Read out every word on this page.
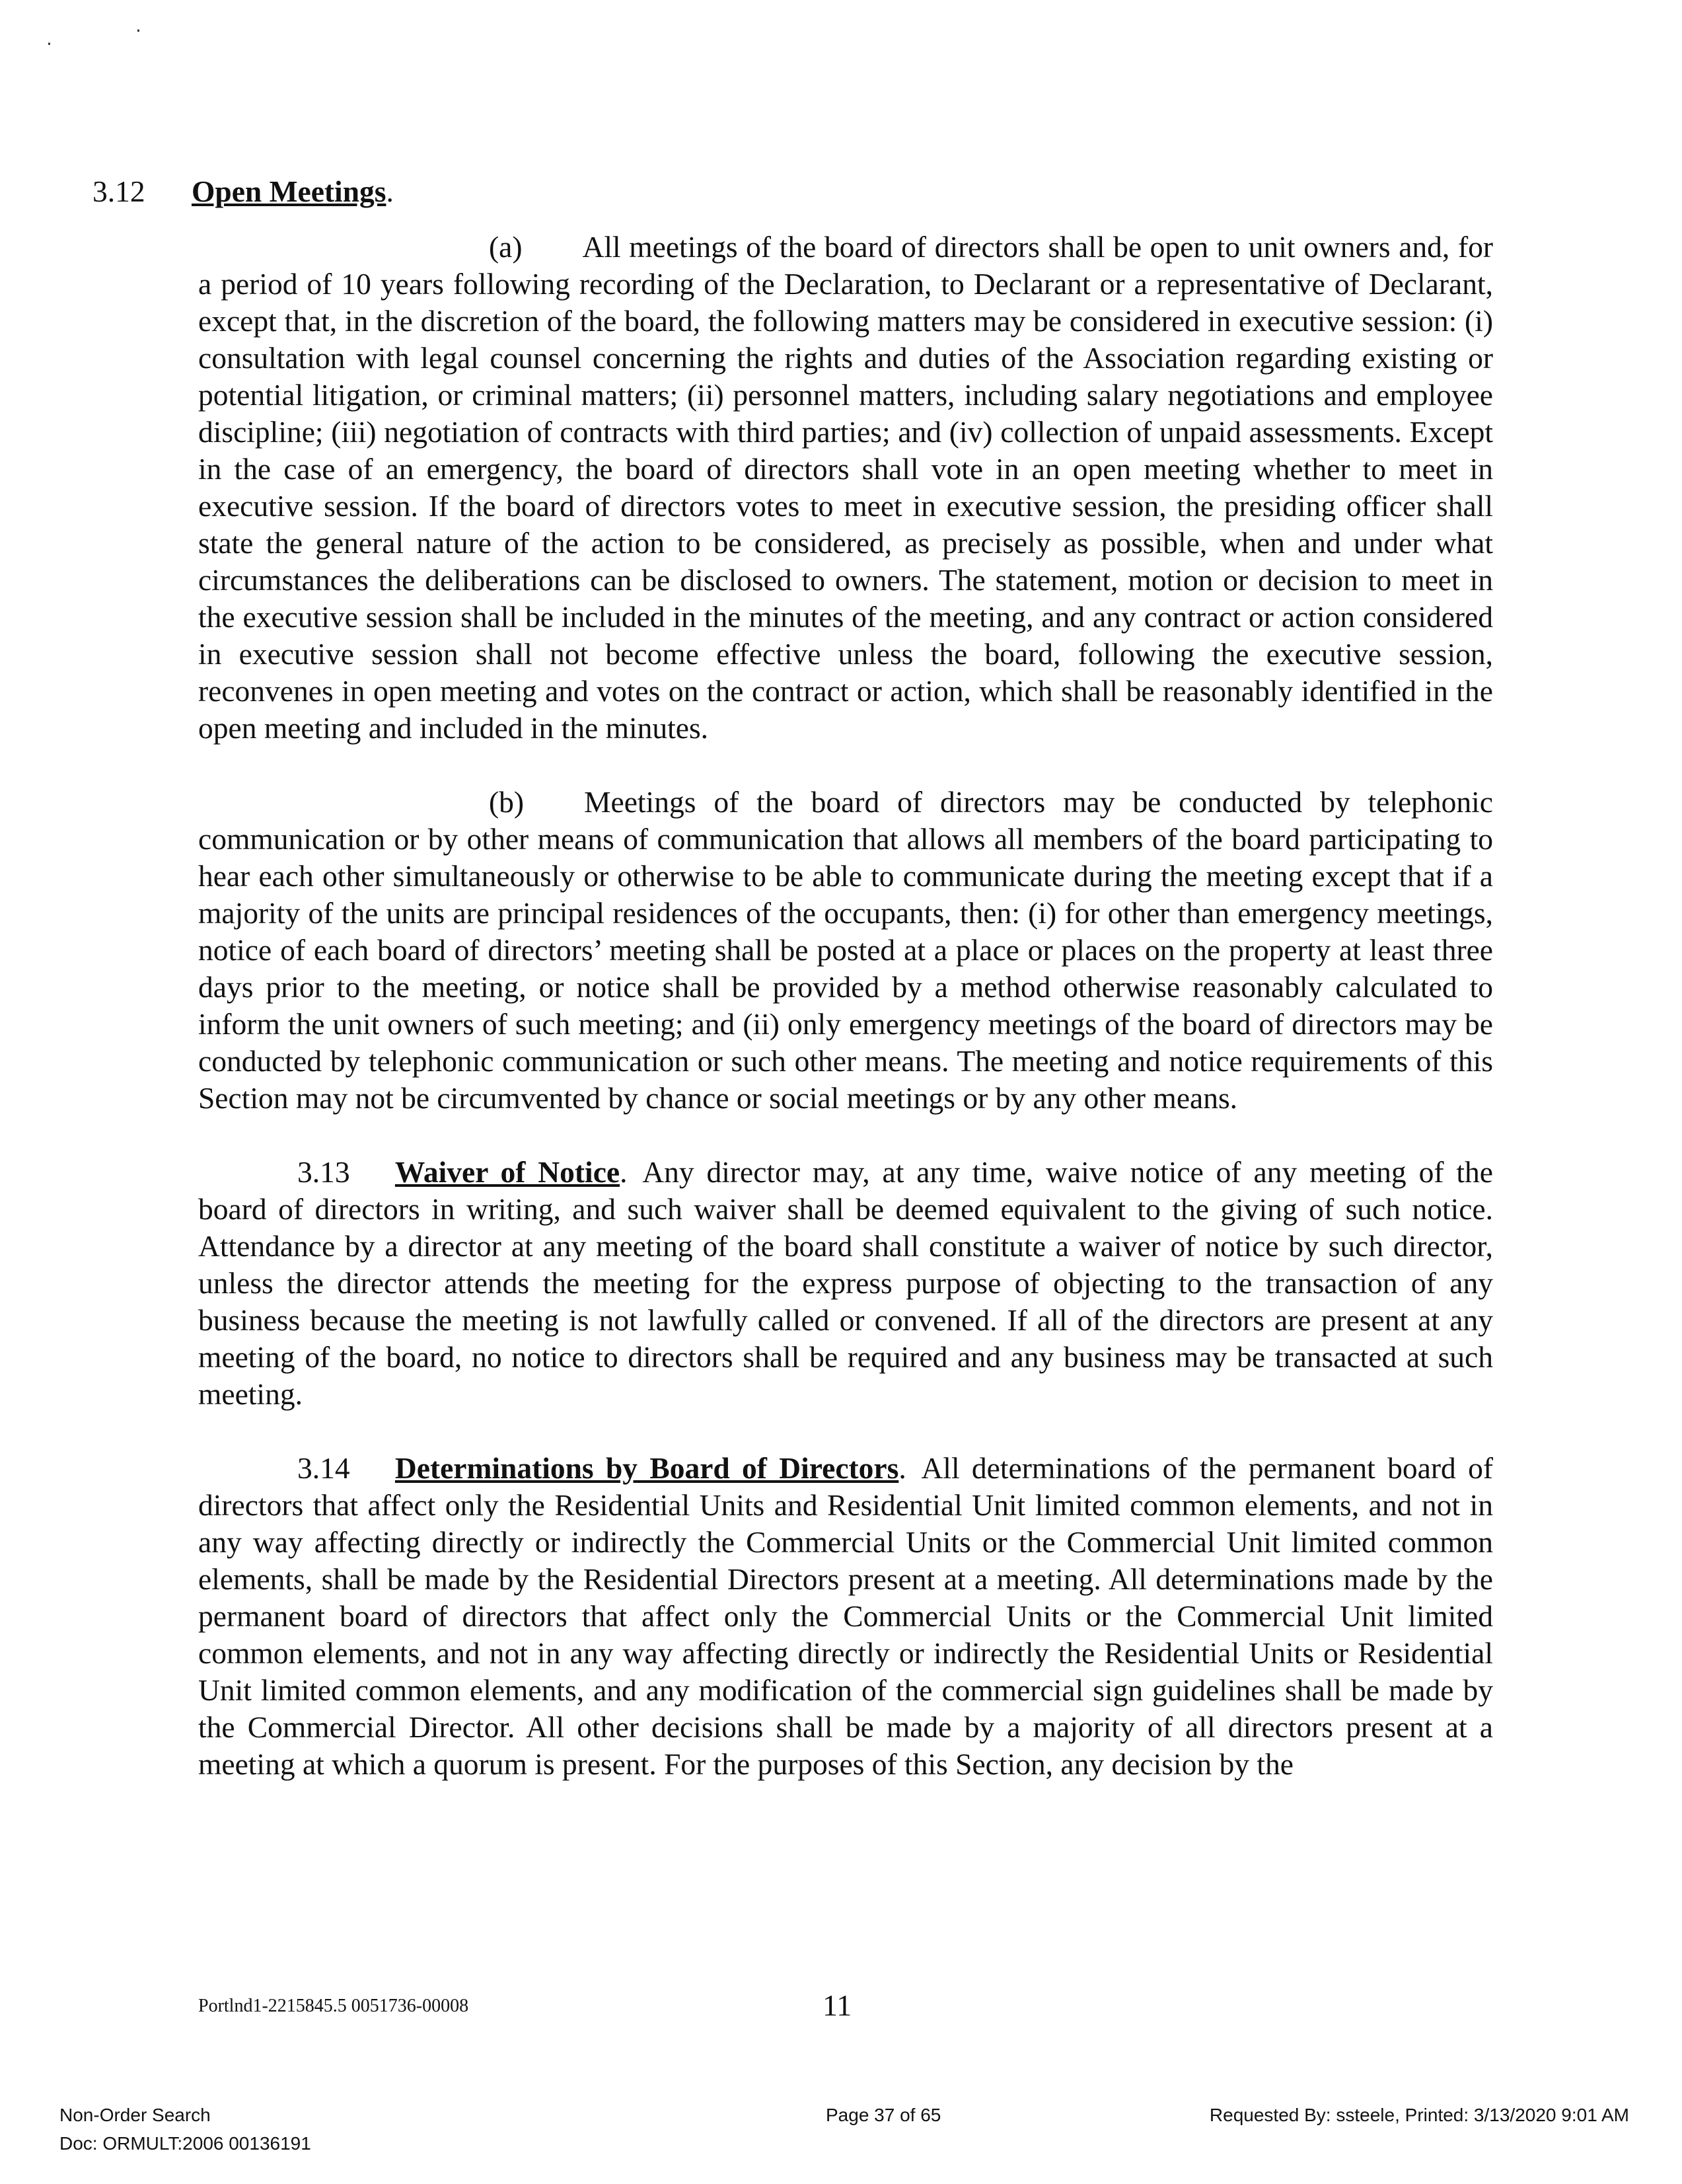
·
·

3.12 Open Meetings.

(a)   All meetings of the board of directors shall be open to unit owners and, for a period of 10 years following recording of the Declaration, to Declarant or a representative of Declarant, except that, in the discretion of the board, the following matters may be considered in executive session: (i) consultation with legal counsel concerning the rights and duties of the Association regarding existing or potential litigation, or criminal matters; (ii) personnel matters, including salary negotiations and employee discipline; (iii) negotiation of contracts with third parties; and (iv) collection of unpaid assessments. Except in the case of an emergency, the board of directors shall vote in an open meeting whether to meet in executive session. If the board of directors votes to meet in executive session, the presiding officer shall state the general nature of the action to be considered, as precisely as possible, when and under what circumstances the deliberations can be disclosed to owners. The statement, motion or decision to meet in the executive session shall be included in the minutes of the meeting, and any contract or action considered in executive session shall not become effective unless the board, following the executive session, reconvenes in open meeting and votes on the contract or action, which shall be reasonably identified in the open meeting and included in the minutes.

(b)   Meetings of the board of directors may be conducted by telephonic communication or by other means of communication that allows all members of the board participating to hear each other simultaneously or otherwise to be able to communicate during the meeting except that if a majority of the units are principal residences of the occupants, then: (i) for other than emergency meetings, notice of each board of directors’ meeting shall be posted at a place or places on the property at least three days prior to the meeting, or notice shall be provided by a method otherwise reasonably calculated to inform the unit owners of such meeting; and (ii) only emergency meetings of the board of directors may be conducted by telephonic communication or such other means. The meeting and notice requirements of this Section may not be circumvented by chance or social meetings or by any other means.

3.13   Waiver of Notice. Any director may, at any time, waive notice of any meeting of the board of directors in writing, and such waiver shall be deemed equivalent to the giving of such notice. Attendance by a director at any meeting of the board shall constitute a waiver of notice by such director, unless the director attends the meeting for the express purpose of objecting to the transaction of any business because the meeting is not lawfully called or convened. If all of the directors are present at any meeting of the board, no notice to directors shall be required and any business may be transacted at such meeting.

3.14   Determinations by Board of Directors. All determinations of the permanent board of directors that affect only the Residential Units and Residential Unit limited common elements, and not in any way affecting directly or indirectly the Commercial Units or the Commercial Unit limited common elements, shall be made by the Residential Directors present at a meeting. All determinations made by the permanent board of directors that affect only the Commercial Units or the Commercial Unit limited common elements, and not in any way affecting directly or indirectly the Residential Units or Residential Unit limited common elements, and any modification of the commercial sign guidelines shall be made by the Commercial Director. All other decisions shall be made by a majority of all directors present at a meeting at which a quorum is present. For the purposes of this Section, any decision by the

Portlnd1-2215845.5 0051736-00008	11
Non-Order Search
Doc: ORMULT:2006 00136191
Page 37 of 65	Requested By: ssteele, Printed: 3/13/2020 9:01 AM
